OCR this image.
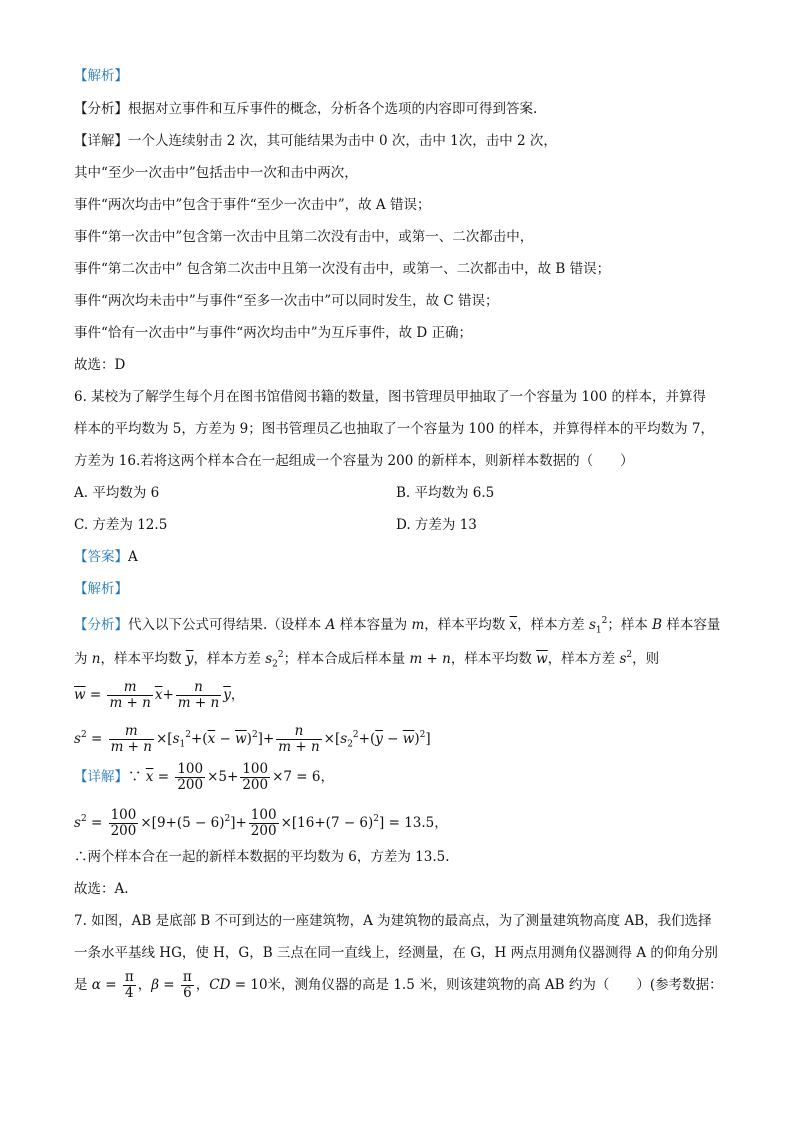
【解析】
【分析】根据对立事件和互斥事件的概念，分析各个选项的内容即可得到答案.
【详解】一个人连续射击 2 次，其可能结果为击中 0 次，击中 1次，击中 2 次，
其中“至少一次击中”包括击中一次和击中两次，
事件“两次均击中”包含于事件“至少一次击中”，故 A 错误；
事件“第一次击中”包含第一次击中且第二次没有击中，或第一、二次都击中，
事件“第二次击中” 包含第二次击中且第一次没有击中，或第一、二次都击中，故 B 错误；
事件“两次均未击中”与事件“至多一次击中”可以同时发生，故 C 错误；
事件“恰有一次击中”与事件“两次均击中”为互斥事件，故 D 正确；
故选：D
6. 某校为了解学生每个月在图书馆借阅书籍的数量，图书管理员甲抽取了一个容量为 100 的样本，并算得
样本的平均数为 5，方差为 9；图书管理员乙也抽取了一个容量为 100 的样本，并算得样本的平均数为 7，
方差为 16.若将这两个样本合在一起组成一个容量为 200 的新样本，则新样本数据的（　　）
A. 平均数为 6	B. 平均数为 6.5
C. 方差为 12.5	D. 方差为 13
【答案】A
【解析】
【分析】代入以下公式可得结果.（设样本 A 样本容量为 m，样本平均数 $\overline{x}$，样本方差 $s_1^2$；样本 B 样本容量
为 n，样本平均数 $\overline{y}$，样本方差 $s_2^2$；样本合成后样本量 m + n，样本平均数 $\overline{w}$，样本方差 $s^2$，则
$\overline{w} = \frac{m}{m + n} \overline{x}+ \frac{n}{m + n} \overline{y}$，
$s^2 = \frac{m}{m + n} \times[s_1^2+(\overline{x} - \overline{w})^2]+ \frac{n}{m + n} \times[s_2^2+(\overline{y} - \overline{w})^2]$
【详解】∵ $\overline{x} = \frac{100}{200} \times 5+ \frac{100}{200} \times 7 = 6$，
$s^2 = \frac{100}{200} \times[9+(5 - 6)^2]+ \frac{100}{200} \times[16+(7 - 6)^2] = 13.5$，
∴两个样本合在一起的新样本数据的平均数为 6，方差为 13.5.
故选：A.
7. 如图，AB 是底部 B 不可到达的一座建筑物，A 为建筑物的最高点，为了测量建筑物高度 AB，我们选择
一条水平基线 HG，使 H，G，B 三点在同一直线上，经测量，在 G，H 两点用测角仪器测得 A 的仰角分别
是 $\alpha = \frac{\pi}{4}$ ，$\beta = \frac{\pi}{6}$ ，CD = 10米，测角仪器的高是 1.5 米，则该建筑物的高 AB 约为（　　）(参考数据：
